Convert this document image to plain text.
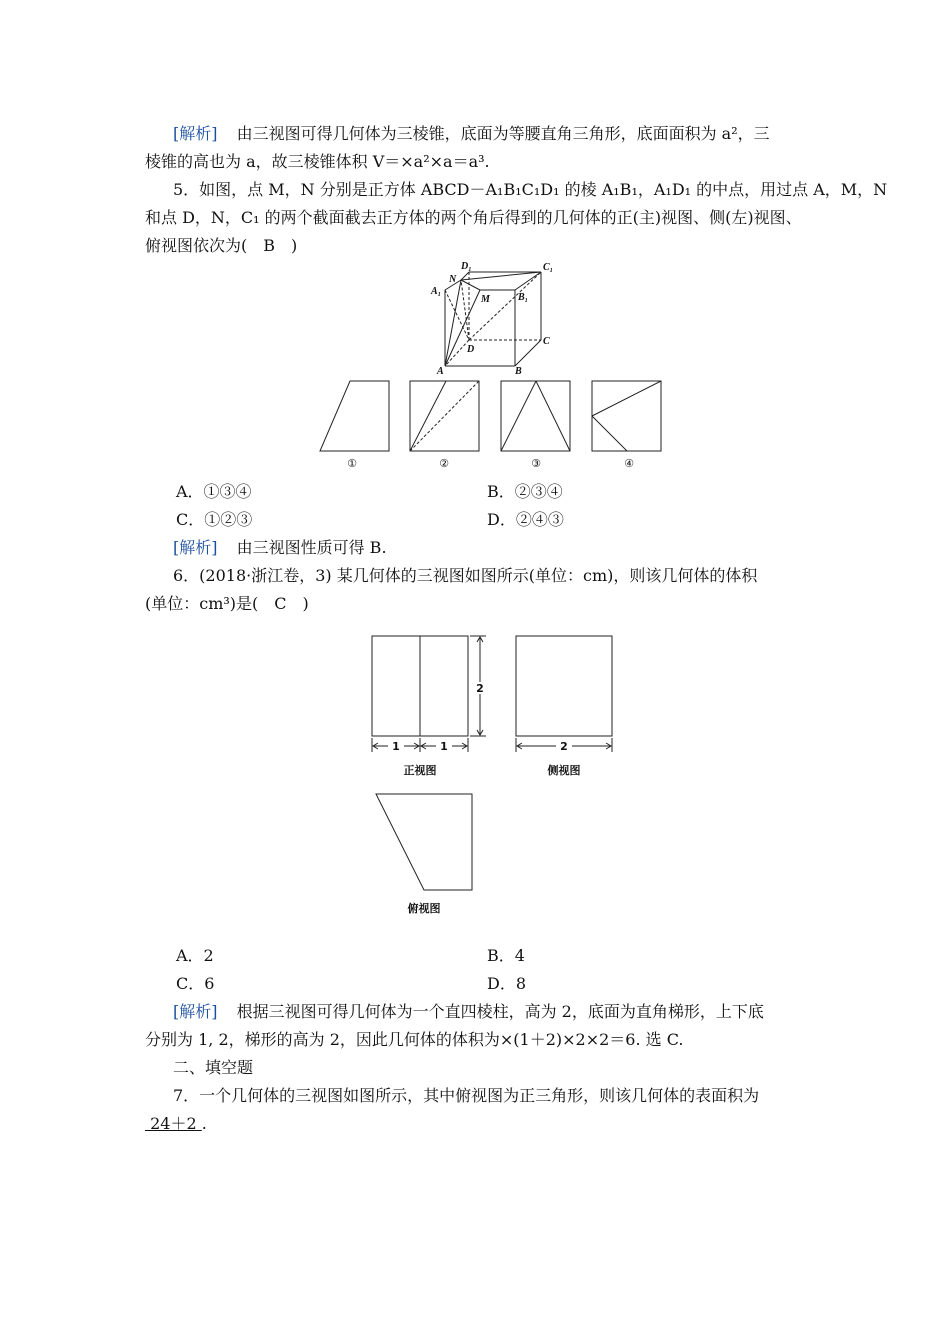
[解析] 由三视图可得几何体为三棱锥，底面为等腰直角三角形，底面面积为 a²，三
棱锥的高也为 a，故三棱锥体积 V＝×a²×a＝a³.
5．如图，点 M，N 分别是正方体 ABCD－A₁B₁C₁D₁ 的棱 A₁B₁，A₁D₁ 的中点，用过点 A，M，N
和点 D，N，C₁ 的两个截面截去正方体的两个角后得到的几何体的正(主)视图、侧(左)视图、
俯视图依次为(　B　)
D₁
N
C₁
A₁
M	B₁
D
C
A	B
①	②	③	④
A．①③④	B．②③④
C．①②③	D．②④③
[解析] 由三视图性质可得 B.
6．(2018·浙江卷，3) 某几何体的三视图如图所示(单位：cm)，则该几何体的体积
(单位：cm³)是(　C　)
2
1	1	2
正视图	侧视图
俯视图
A．2	B．4
C．6	D．8
[解析] 根据三视图可得几何体为一个直四棱柱，高为 2，底面为直角梯形，上下底
分别为 1, 2，梯形的高为 2，因此几何体的体积为×(1＋2)×2×2＝6. 选 C.
二、填空题
7．一个几何体的三视图如图所示，其中俯视图为正三角形，则该几何体的表面积为
24＋2 .
